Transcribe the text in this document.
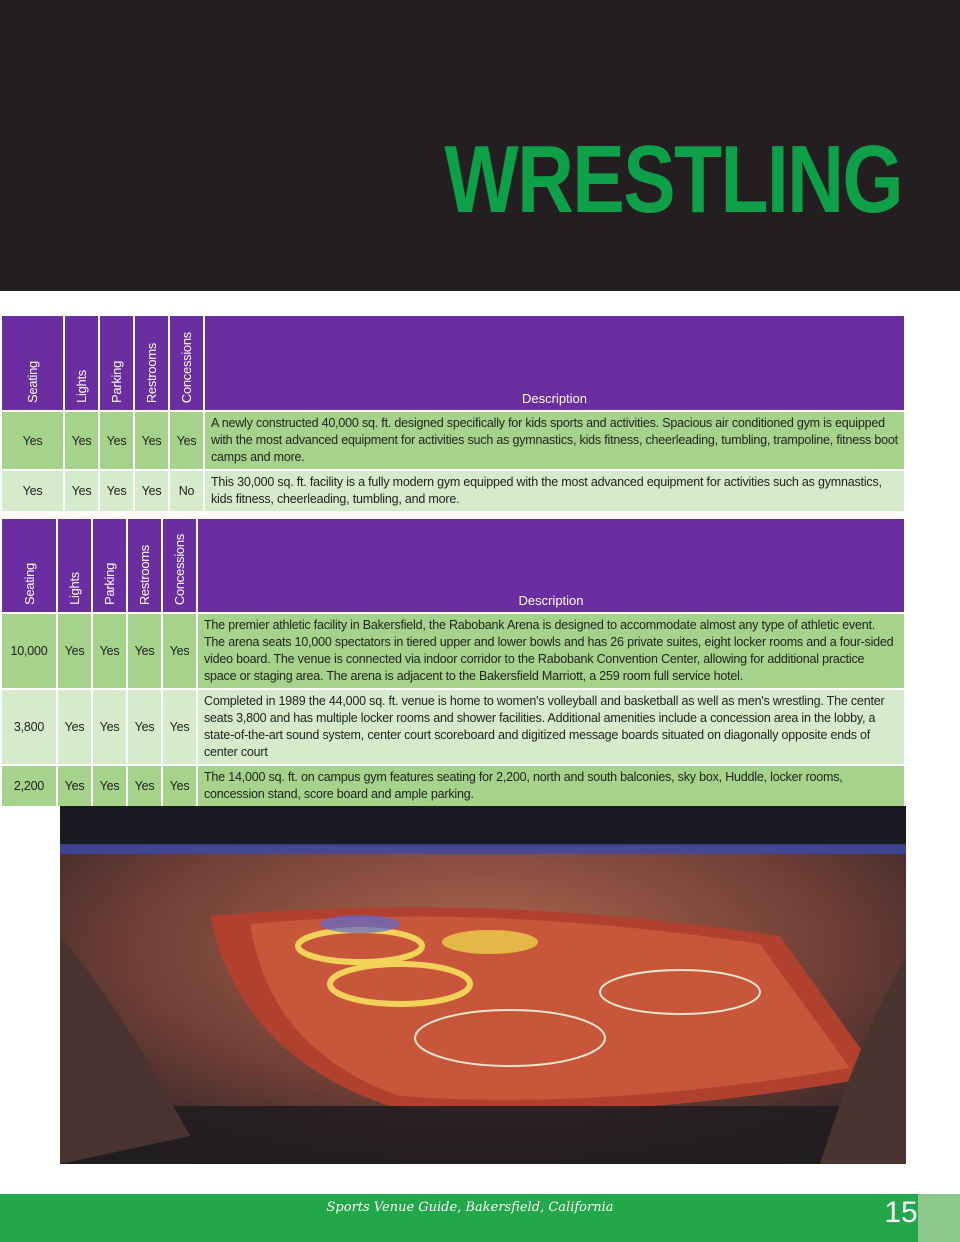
WRESTLING
Seating	Lights	Parking	Restrooms	Concessions	Description
Yes	Yes	Yes	Yes	Yes	A newly constructed 40,000 sq. ft. designed specifically for kids sports and activities. Spacious air conditioned gym is equipped with the most advanced equipment for activities such as gymnastics, kids fitness, cheerleading, tumbling, trampoline, fitness boot camps and more.
Yes	Yes	Yes	Yes	No	This 30,000 sq. ft. facility is a fully modern gym equipped with the most advanced equipment for activities such as gymnastics, kids fitness, cheerleading, tumbling, and more.
Seating	Lights	Parking	Restrooms	Concessions	Description
10,000	Yes	Yes	Yes	Yes	The premier athletic facility in Bakersfield, the Rabobank Arena is designed to accommodate almost any type of athletic event. The arena seats 10,000 spectators in tiered upper and lower bowls and has 26 private suites, eight locker rooms and a four-sided video board. The venue is connected via indoor corridor to the Rabobank Convention Center, allowing for additional practice space or staging area. The arena is adjacent to the Bakersfield Marriott, a 259 room full service hotel.
3,800	Yes	Yes	Yes	Yes	Completed in 1989 the 44,000 sq. ft. venue is home to women's volleyball and basketball as well as men's wrestling. The center seats 3,800 and has multiple locker rooms and shower facilities. Additional amenities include a concession area in the lobby, a state-of-the-art sound system, center court scoreboard and digitized message boards situated on diagonally opposite ends of center court
2,200	Yes	Yes	Yes	Yes	The 14,000 sq. ft. on campus gym features seating for 2,200, north and south balconies, sky box, Huddle, locker rooms, concession stand, score board and ample parking.
Sports Venue Guide, Bakersfield, California	15
